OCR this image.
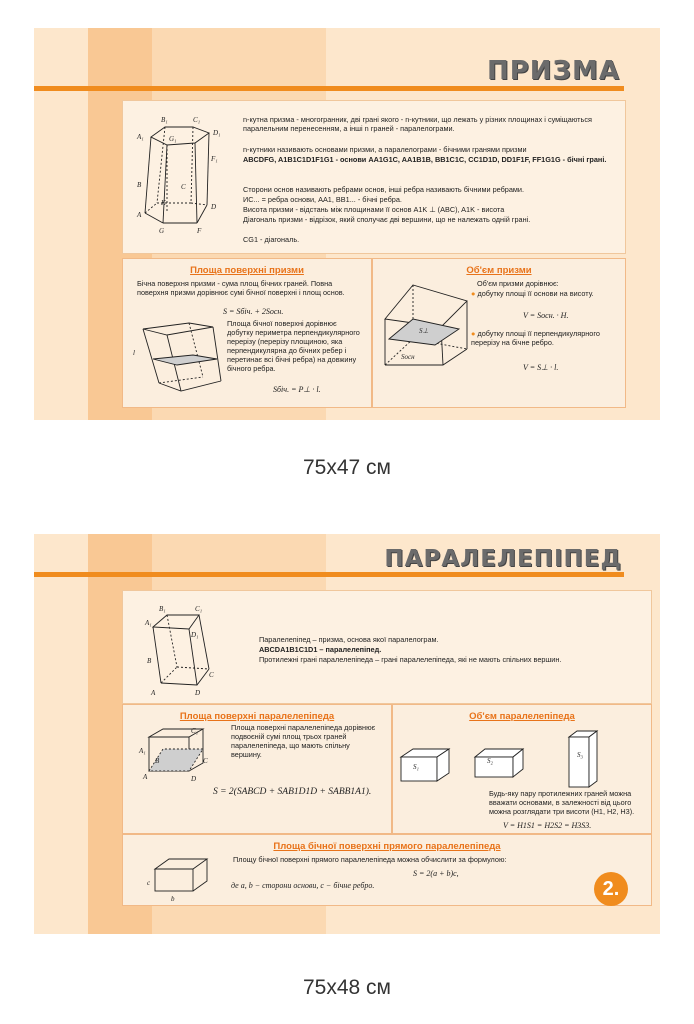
ПРИЗМА
B₁	C₁
A₁	G₁
D₁
F₁
B	C
K
A
G
D
F
n-кутна призма - многогранник, дві грані якого - n-кутники, що лежать у різних площинах і суміщаються паралельним перенесенням, а інші n граней - паралелограми.
n-кутники називають основами призми, а паралелограми - бічними гранями призми
ABCDFG, A1B1C1D1F1G1 - основи AA1G1C, AA1B1B, BB1C1C, CC1D1D, DD1F1F, FF1G1G - бічні грані.
Сторони основ називають ребрами основ, інші ребра називають бічними ребрами.
ИС... = ребра основи, AA1, BB1... - бічні ребра.
Висота призми - відстань між площинами її основ A1K ⊥ (ABC), A1K - висота
Діагональ призми - відрізок, який сполучає дві вершини, що не належать одній грані.
CG1 - діагональ.
Площа поверхні призми
Бічна поверхня призми - сума площ бічних граней. Повна поверхня призми дорівнює сумі бічної поверхні і площ основ.
S = Sбіч. + 2Sосн.
l
Площа бічної поверхні дорівнює добутку периметра перпендикулярного перерізу (перерізу площиною, яка перпендикулярна до бічних ребер і перетинає всі бічні ребра) на довжину бічного ребра.
Sбіч. = P⊥ · l.
Об'єм призми
S⊥
Sосн
Об'єм призми дорівнює:
● добутку площі її основи на висоту.
V = Sосн. · H.
● добутку площі її перпендикулярного перерізу на бічне ребро.
V = S⊥ · l.
75x47 см
ПАРАЛЕЛЕПІПЕД
B₁	C₁
A₁
D₁
B
C
A	D
Паралелепіпед – призма, основа якої паралелограм.
ABCDA1B1C1D1 – паралелепіпед.
Протилежні грані паралелепіпеда – грані паралелепіпеда, які не мають спільних вершин.
Площа поверхні паралелепіпеда
A₁
C₁
B
A	D
C
Площа поверхні паралелепіпеда дорівнює подвоєній сумі площ трьох граней паралелепіпеда, що мають спільну вершину.
S = 2(SABCD + SAB1D1D + SABB1A1).
Об'єм паралелепіпеда
S₁
S₂
S₃
Будь-яку пару протилежних граней можна вважати основами, в залежності від цього можна розглядати три висоти (H1, H2, H3).
V = H1S1 = H2S2 = H3S3.
Площа бічної поверхні прямого паралелепіпеда
c
b
Площу бічної поверхні прямого паралелепіпеда можна обчислити за формулою:
S = 2(a + b)c,
де a, b − сторони основи, c − бічне ребро.	2.
75x48 см
